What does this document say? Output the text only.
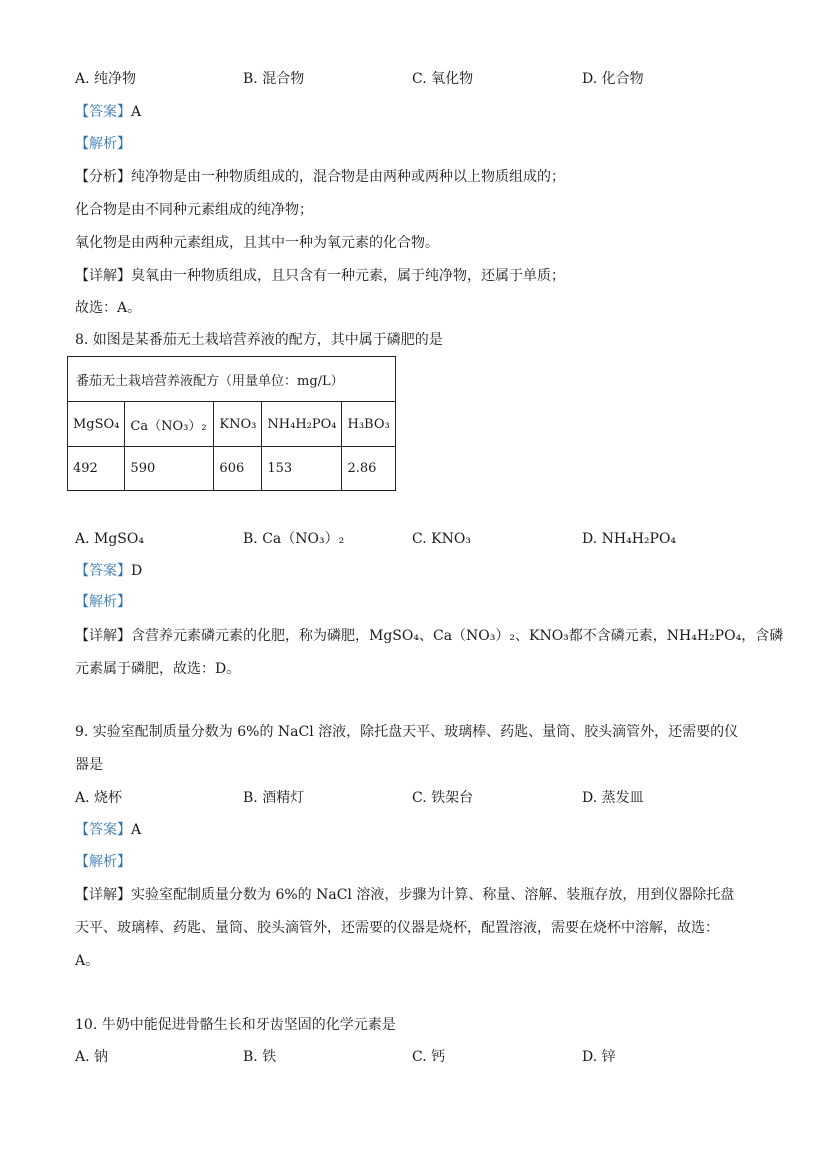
A. 纯净物	B. 混合物	C. 氧化物	D. 化合物
【答案】A
【解析】
【分析】纯净物是由一种物质组成的，混合物是由两种或两种以上物质组成的；
化合物是由不同种元素组成的纯净物；
氧化物是由两种元素组成，且其中一种为氧元素的化合物。
【详解】臭氧由一种物质组成，且只含有一种元素，属于纯净物，还属于单质；
故选：A。
8. 如图是某番茄无土栽培营养液的配方，其中属于磷肥的是
番茄无土栽培营养液配方（用量单位：mg/L）				
MgSO₄	Ca（NO₃）₂	KNO₃	NH₄H₂PO₄	H₃BO₃
492	590	606	153	2.86
A. MgSO₄	B. Ca（NO₃）₂	C. KNO₃	D. NH₄H₂PO₄
【答案】D
【解析】
【详解】含营养元素磷元素的化肥，称为磷肥，MgSO₄、Ca（NO₃）₂、KNO₃都不含磷元素，NH₄H₂PO₄，含磷
元素属于磷肥，故选：D。
9. 实验室配制质量分数为 6%的 NaCl 溶液，除托盘天平、玻璃棒、药匙、量筒、胶头滴管外，还需要的仪
器是
A. 烧杯	B. 酒精灯	C. 铁架台	D. 蒸发皿
【答案】A
【解析】
【详解】实验室配制质量分数为 6%的 NaCl 溶液，步骤为计算、称量、溶解、装瓶存放，用到仪器除托盘
天平、玻璃棒、药匙、量筒、胶头滴管外，还需要的仪器是烧杯，配置溶液，需要在烧杯中溶解，故选：
A。
10. 牛奶中能促进骨骼生长和牙齿坚固的化学元素是
A. 钠	B. 铁	C. 钙	D. 锌
